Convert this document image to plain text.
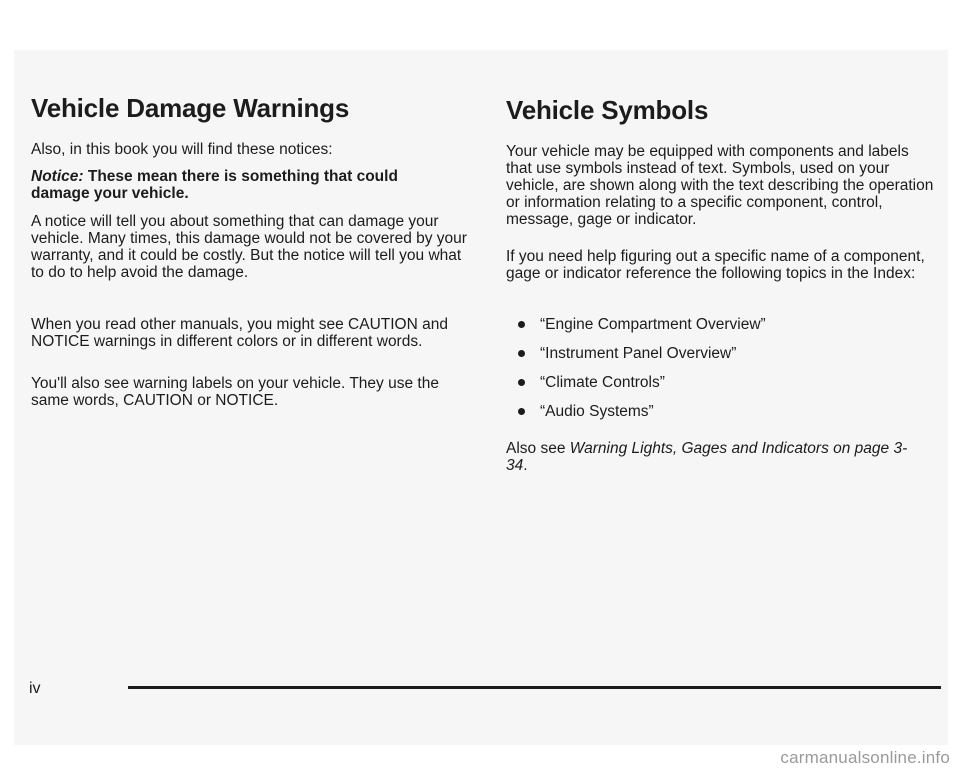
Vehicle Damage Warnings

Also, in this book you will find these notices:

Notice: These mean there is something that could damage your vehicle.

A notice will tell you about something that can damage your vehicle. Many times, this damage would not be covered by your warranty, and it could be costly. But the notice will tell you what to do to help avoid the damage.

When you read other manuals, you might see CAUTION and NOTICE warnings in different colors or in different words.

You'll also see warning labels on your vehicle. They use the same words, CAUTION or NOTICE.

Vehicle Symbols

Your vehicle may be equipped with components and labels that use symbols instead of text. Symbols, used on your vehicle, are shown along with the text describing the operation or information relating to a specific component, control, message, gage or indicator.

If you need help figuring out a specific name of a component, gage or indicator reference the following topics in the Index:

“Engine Compartment Overview”
“Instrument Panel Overview”
“Climate Controls”
“Audio Systems”

Also see Warning Lights, Gages and Indicators on page 3-34.

iv
carmanualsonline.info
